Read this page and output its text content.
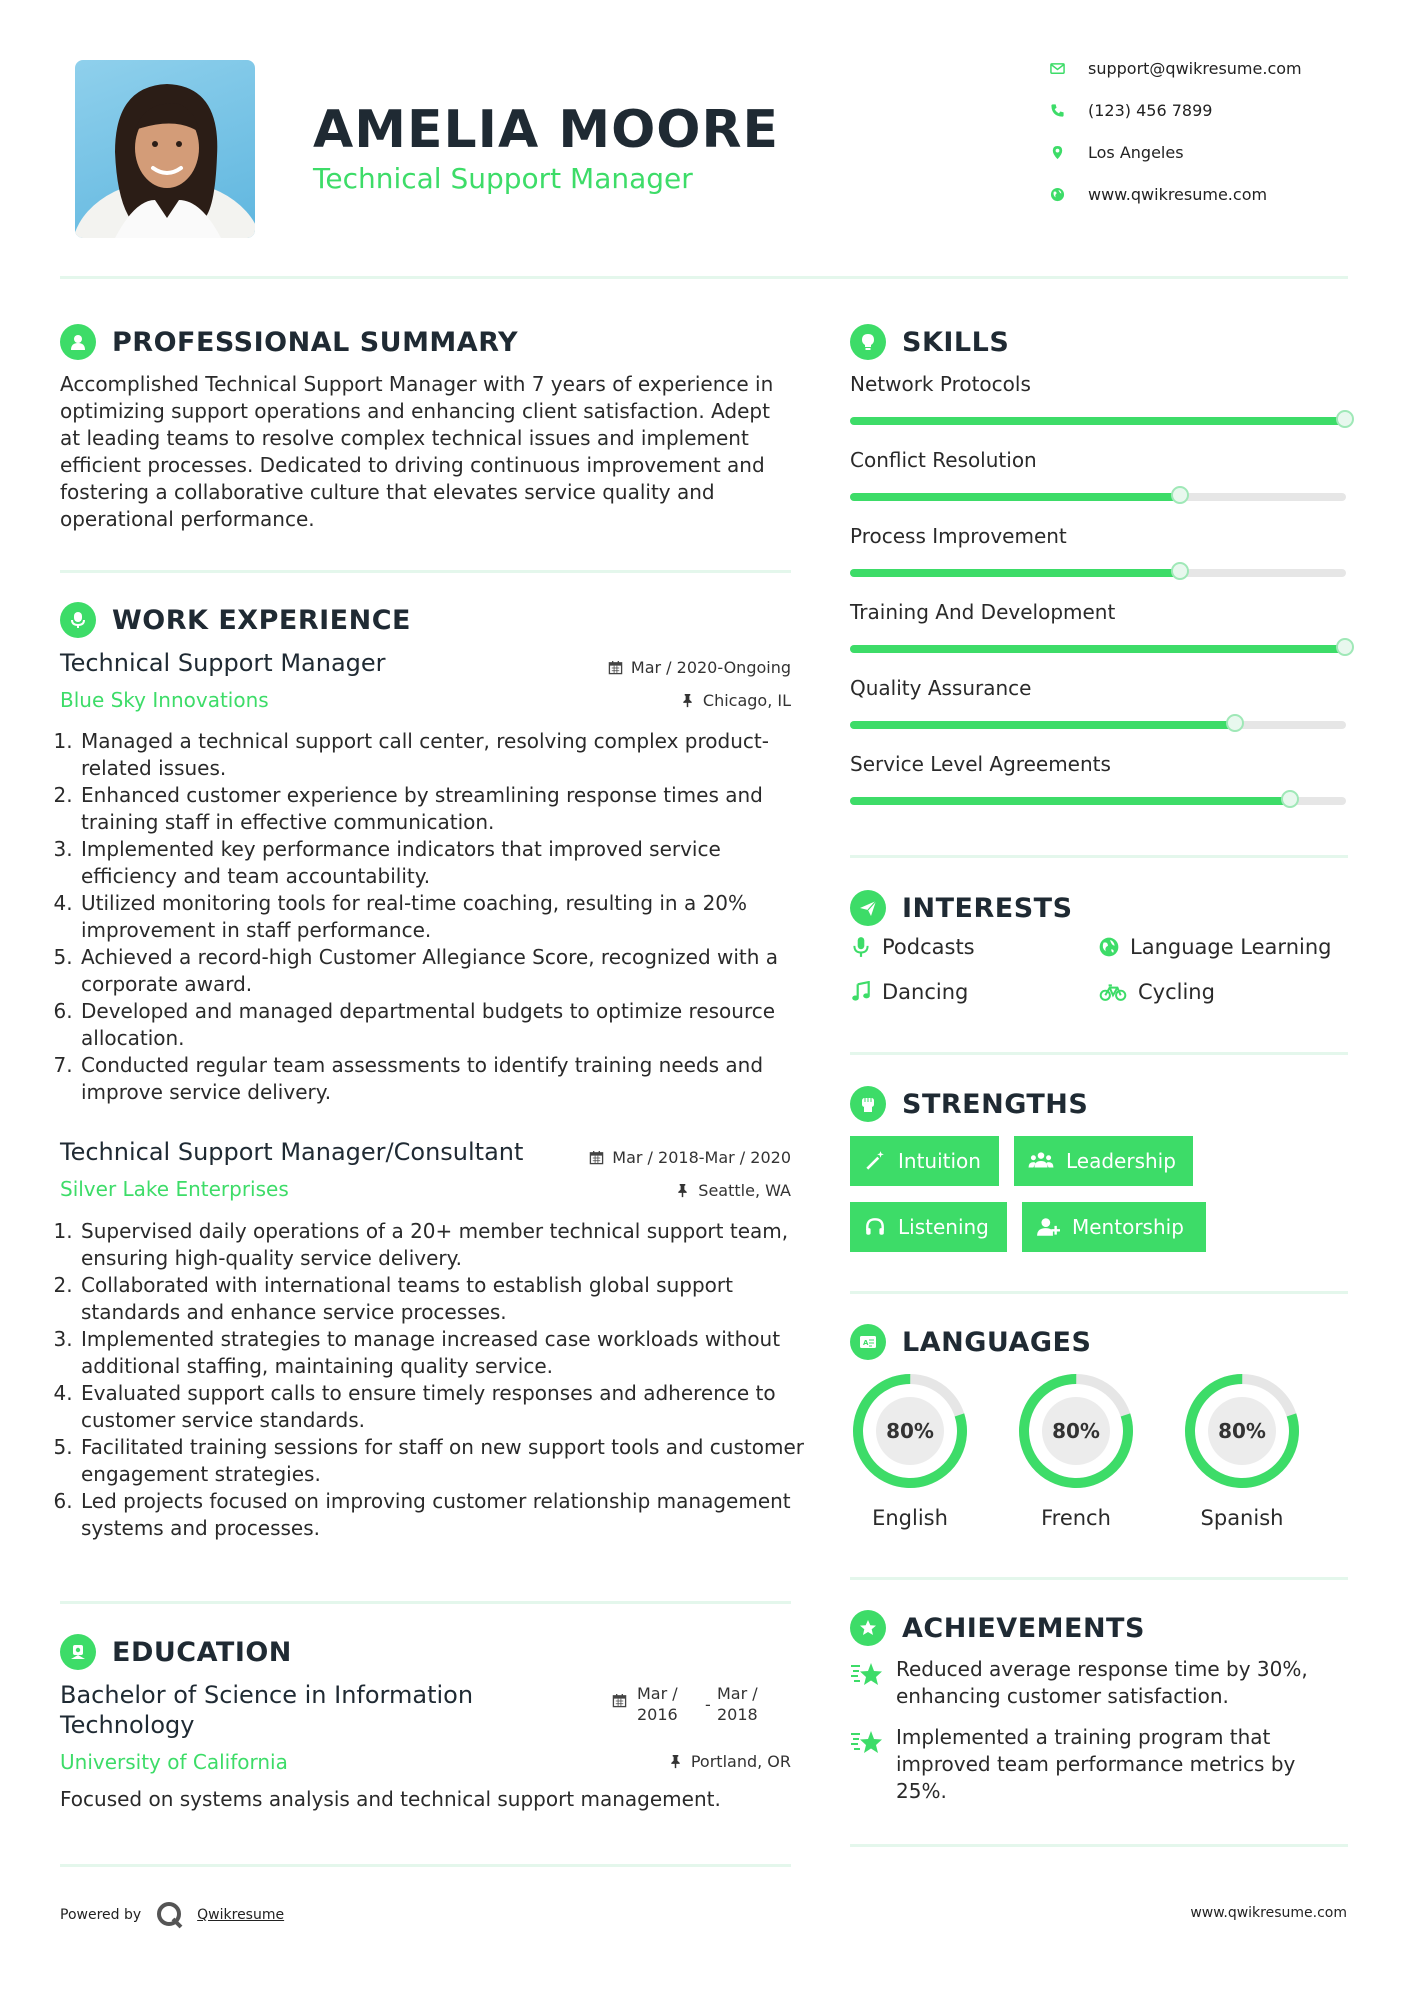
AMELIA MOORE
Technical Support Manager
support@qwikresume.com
(123) 456 7899
Los Angeles
www.qwikresume.com
PROFESSIONAL SUMMARY
Accomplished Technical Support Manager with 7 years of experience in optimizing support operations and enhancing client satisfaction. Adept at leading teams to resolve complex technical issues and implement efficient processes. Dedicated to driving continuous improvement and fostering a collaborative culture that elevates service quality and operational performance.
WORK EXPERIENCE
Technical Support Manager
Blue Sky Innovations
Mar / 2020-Ongoing
Chicago, IL
1. Managed a technical support call center, resolving complex product-related issues.
2. Enhanced customer experience by streamlining response times and training staff in effective communication.
3. Implemented key performance indicators that improved service efficiency and team accountability.
4. Utilized monitoring tools for real-time coaching, resulting in a 20% improvement in staff performance.
5. Achieved a record-high Customer Allegiance Score, recognized with a corporate award.
6. Developed and managed departmental budgets to optimize resource allocation.
7. Conducted regular team assessments to identify training needs and improve service delivery.
Technical Support Manager/Consultant
Silver Lake Enterprises
Mar / 2018-Mar / 2020
Seattle, WA
1. Supervised daily operations of a 20+ member technical support team, ensuring high-quality service delivery.
2. Collaborated with international teams to establish global support standards and enhance service processes.
3. Implemented strategies to manage increased case workloads without additional staffing, maintaining quality service.
4. Evaluated support calls to ensure timely responses and adherence to customer service standards.
5. Facilitated training sessions for staff on new support tools and customer engagement strategies.
6. Led projects focused on improving customer relationship management systems and processes.
EDUCATION
Bachelor of Science in Information Technology
University of California
Mar / 2016
-
Mar / 2018
Portland, OR
Focused on systems analysis and technical support management.
SKILLS
Network Protocols
Conflict Resolution
Process Improvement
Training And Development
Quality Assurance
Service Level Agreements
INTERESTS
Podcasts	Language Learning
Dancing	Cycling
STRENGTHS
Intuition	Leadership
Listening	Mentorship
A LANGUAGES
80%
English
80%
French
80%
Spanish
ACHIEVEMENTS
Reduced average response time by 30%, enhancing customer satisfaction.
Implemented a training program that improved team performance metrics by 25%.
Powered by	Qwikresume	www.qwikresume.com
